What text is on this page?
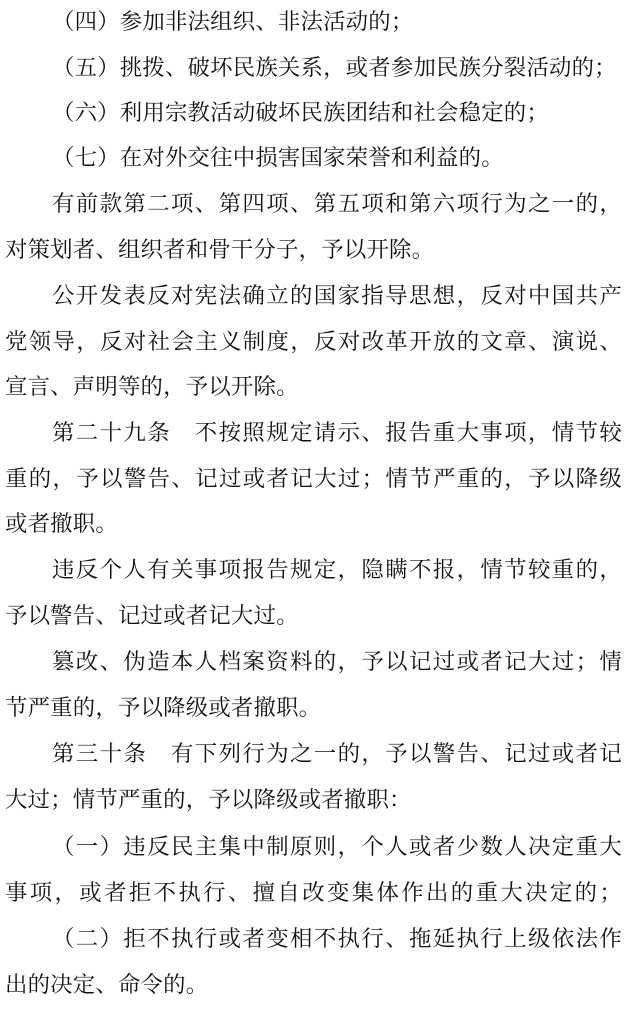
（四）参加非法组织、非法活动的；
（五）挑拨、破坏民族关系，或者参加民族分裂活动的；
（六）利用宗教活动破坏民族团结和社会稳定的；
（七）在对外交往中损害国家荣誉和利益的。
有前款第二项、第四项、第五项和第六项行为之一的，
对策划者、组织者和骨干分子，予以开除。
公开发表反对宪法确立的国家指导思想，反对中国共产
党领导，反对社会主义制度，反对改革开放的文章、演说、
宣言、声明等的，予以开除。
第二十九条　不按照规定请示、报告重大事项，情节较
重的，予以警告、记过或者记大过；情节严重的，予以降级
或者撤职。
违反个人有关事项报告规定，隐瞒不报，情节较重的，
予以警告、记过或者记大过。
篡改、伪造本人档案资料的，予以记过或者记大过；情
节严重的，予以降级或者撤职。
第三十条　有下列行为之一的，予以警告、记过或者记
大过；情节严重的，予以降级或者撤职：
（一）违反民主集中制原则，个人或者少数人决定重大
事项，或者拒不执行、擅自改变集体作出的重大决定的；
（二）拒不执行或者变相不执行、拖延执行上级依法作
出的决定、命令的。
